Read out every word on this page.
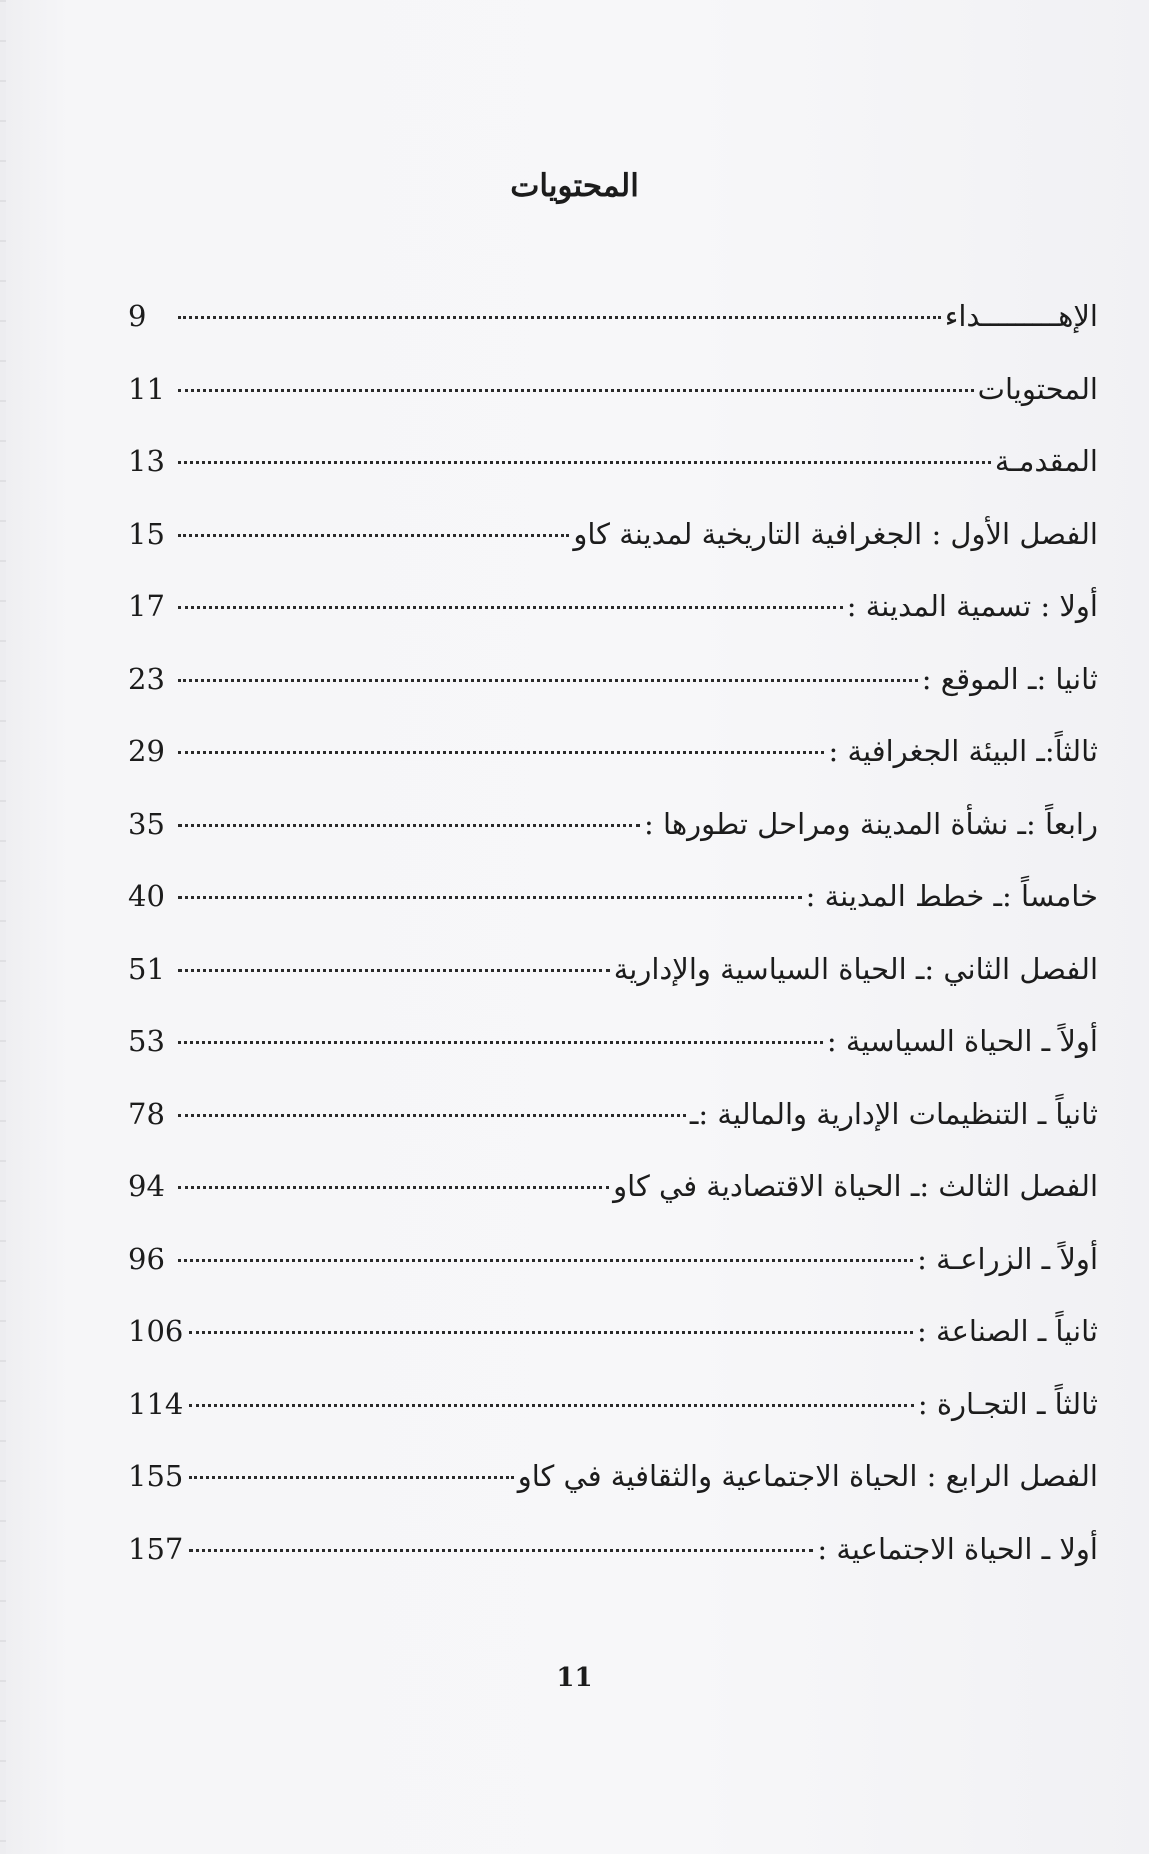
المحتويات
الإهـــــــــداء
9
المحتويات
11
المقدمـة
13
الفصل الأول : الجغرافية التاريخية لمدينة كاو
15
أولا : تسمية المدينة :
17
ثانيا :ـ الموقع :
23
ثالثاً:ـ البيئة الجغرافية :
29
رابعاً :ـ نشأة المدينة ومراحل تطورها :
35
خامساً :ـ خطط المدينة :
40
الفصل الثاني :ـ الحياة السياسية والإدارية
51
أولاً ـ الحياة السياسية :
53
ثانياً ـ التنظيمات الإدارية والمالية :ـ
78
الفصل الثالث :ـ الحياة الاقتصادية في كاو
94
أولاً ـ الزراعـة :
96
ثانياً ـ الصناعة :
106
ثالثاً ـ التجـارة :
114
الفصل الرابع : الحياة الاجتماعية والثقافية في كاو
155
أولا ـ الحياة الاجتماعية :
157
11
